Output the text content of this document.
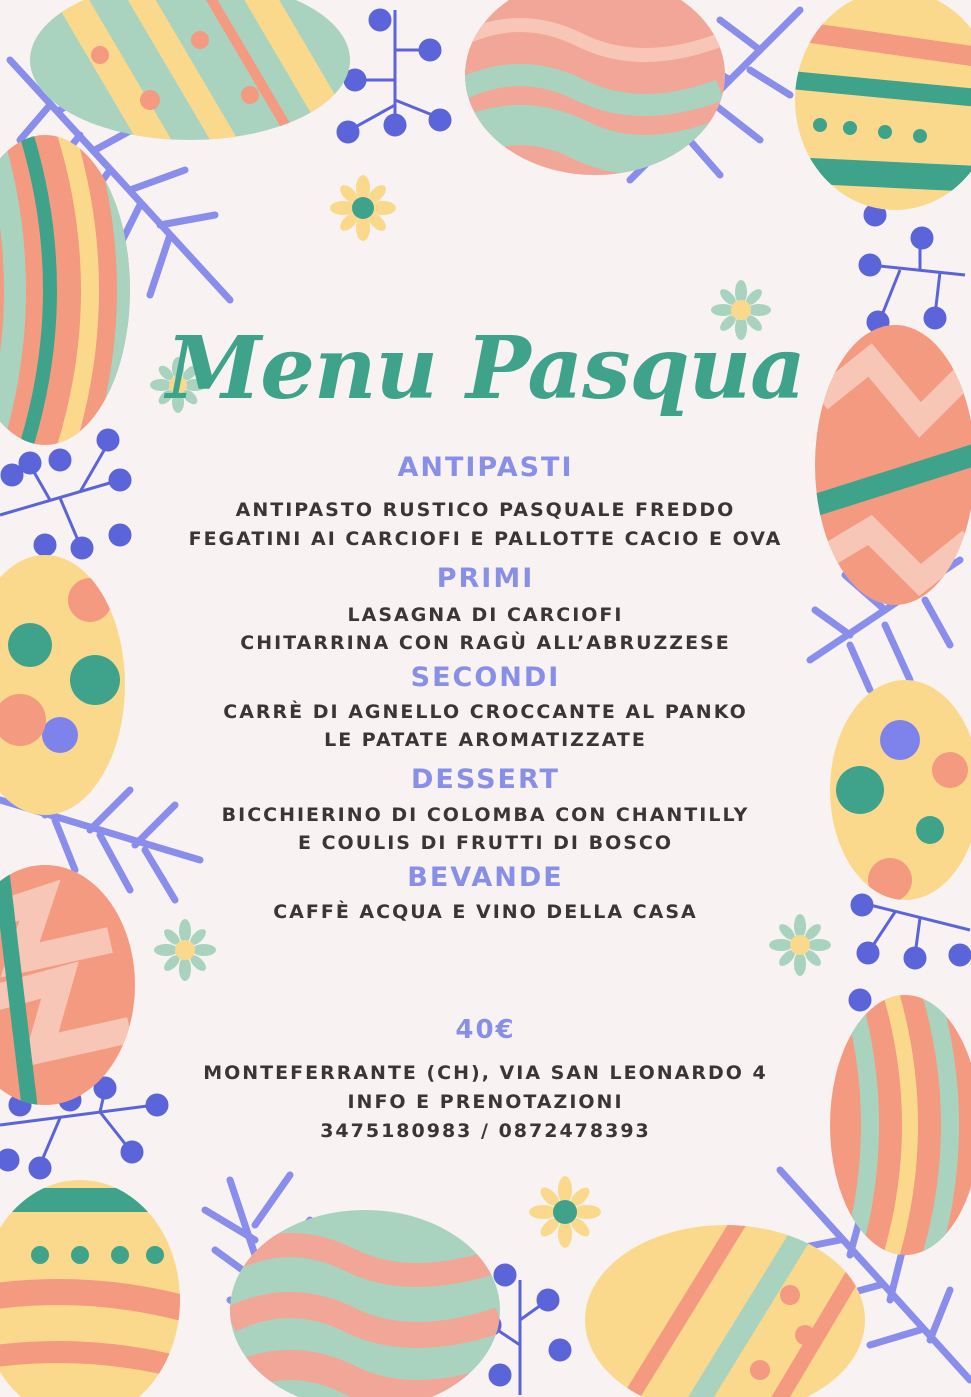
Menu Pasqua
ANTIPASTI
ANTIPASTO RUSTICO PASQUALE FREDDO
FEGATINI AI CARCIOFI E PALLOTTE CACIO E OVA
PRIMI
LASAGNA DI CARCIOFI
CHITARRINA CON RAGÙ ALL’ABRUZZESE
SECONDI
CARRÈ DI AGNELLO CROCCANTE AL PANKO
LE PATATE AROMATIZZATE
DESSERT
BICCHIERINO DI COLOMBA CON CHANTILLY
E COULIS DI FRUTTI DI BOSCO
BEVANDE
CAFFÈ ACQUA E VINO DELLA CASA
40€
MONTEFERRANTE (CH), VIA SAN LEONARDO 4
INFO E PRENOTAZIONI
3475180983 / 0872478393
